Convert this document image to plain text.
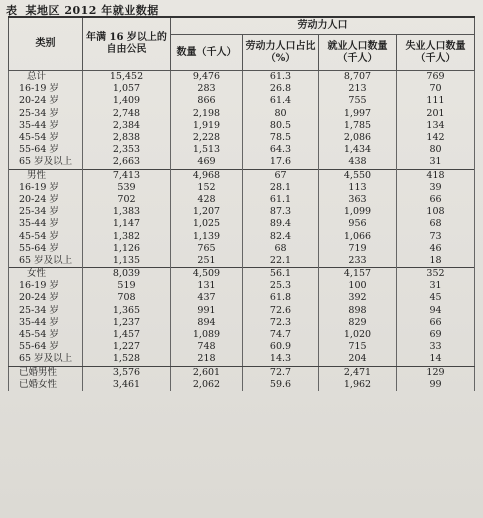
表 某地区 2012 年就业数据
类别	年满 16 岁以上的自由公民	劳动力人口			
		数量（千人）	劳动力人口占比（%）	就业人口数量（千人）	失业人口数量（千人）
总计	15,452	9,476	61.3	8,707	769
16-19 岁	1,057	283	26.8	213	70
20-24 岁	1,409	866	61.4	755	111
25-34 岁	2,748	2,198	80	1,997	201
35-44 岁	2,384	1,919	80.5	1,785	134
45-54 岁	2,838	2,228	78.5	2,086	142
55-64 岁	2,353	1,513	64.3	1,434	80
65 岁及以上	2,663	469	17.6	438	31
男性	7,413	4,968	67	4,550	418
16-19 岁	539	152	28.1	113	39
20-24 岁	702	428	61.1	363	66
25-34 岁	1,383	1,207	87.3	1,099	108
35-44 岁	1,147	1,025	89.4	956	68
45-54 岁	1,382	1,139	82.4	1,066	73
55-64 岁	1,126	765	68	719	46
65 岁及以上	1,135	251	22.1	233	18
女性	8,039	4,509	56.1	4,157	352
16-19 岁	519	131	25.3	100	31
20-24 岁	708	437	61.8	392	45
25-34 岁	1,365	991	72.6	898	94
35-44 岁	1,237	894	72.3	829	66
45-54 岁	1,457	1,089	74.7	1,020	69
55-64 岁	1,227	748	60.9	715	33
65 岁及以上	1,528	218	14.3	204	14
已婚男性	3,576	2,601	72.7	2,471	129
已婚女性	3,461	2,062	59.6	1,962	99
